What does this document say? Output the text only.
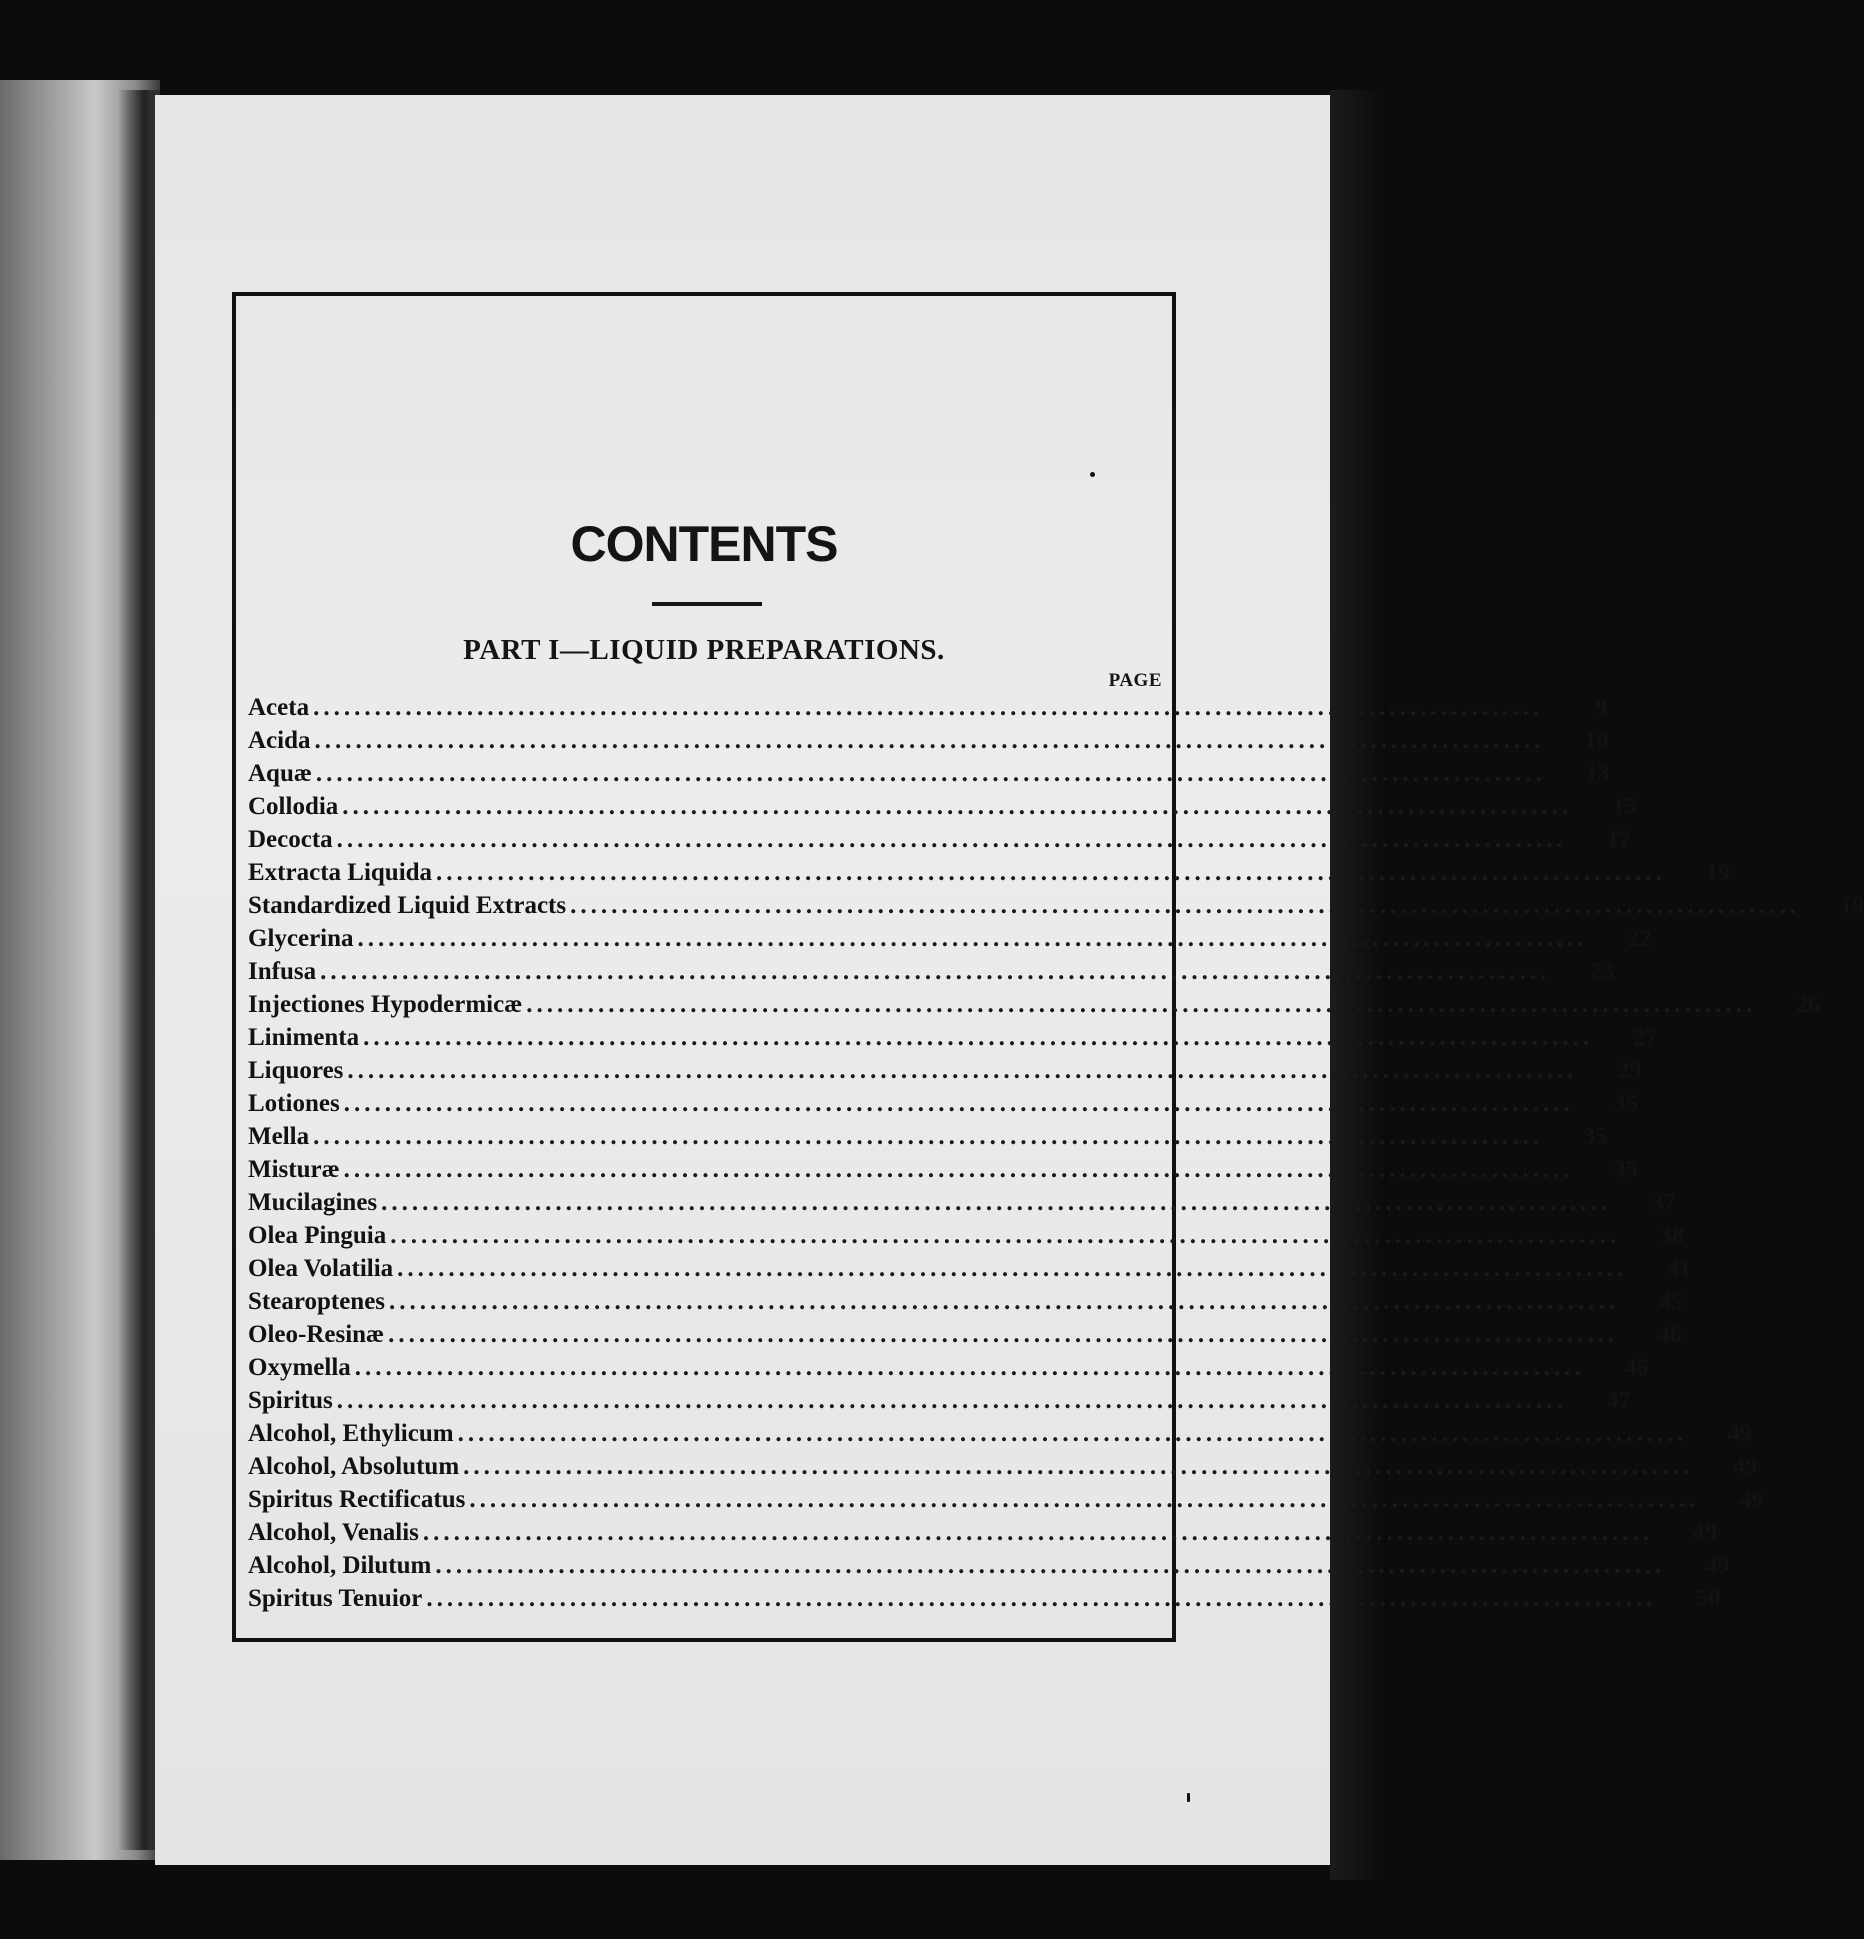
CONTENTS
PART I—LIQUID PREPARATIONS.
PAGE
Aceta ........................................................................................................................	9
Acida ........................................................................................................................	10
Aquæ ........................................................................................................................	13
Collodia ........................................................................................................................	15
Decocta ........................................................................................................................	17
Extracta Liquida ........................................................................................................................	19
Standardized Liquid Extracts ........................................................................................................................	19
Glycerina ........................................................................................................................	22
Infusa ........................................................................................................................	23
Injectiones Hypodermicæ ........................................................................................................................	26
Linimenta ........................................................................................................................	27
Liquores ........................................................................................................................	29
Lotiones ........................................................................................................................	35
Mella ........................................................................................................................	35
Misturæ ........................................................................................................................	35
Mucilagines ........................................................................................................................	37
Olea Pinguia ........................................................................................................................	38
Olea Volatilia ........................................................................................................................	41
Stearoptenes ........................................................................................................................	45
Oleo-Resinæ ........................................................................................................................	46
Oxymella ........................................................................................................................	46
Spiritus ........................................................................................................................	47
Alcohol, Ethylicum ........................................................................................................................	49
Alcohol, Absolutum ........................................................................................................................	49
Spiritus Rectificatus ........................................................................................................................	49
Alcohol, Venalis ........................................................................................................................	49
Alcohol, Dilutum ........................................................................................................................	49
Spiritus Tenuior ........................................................................................................................	50
